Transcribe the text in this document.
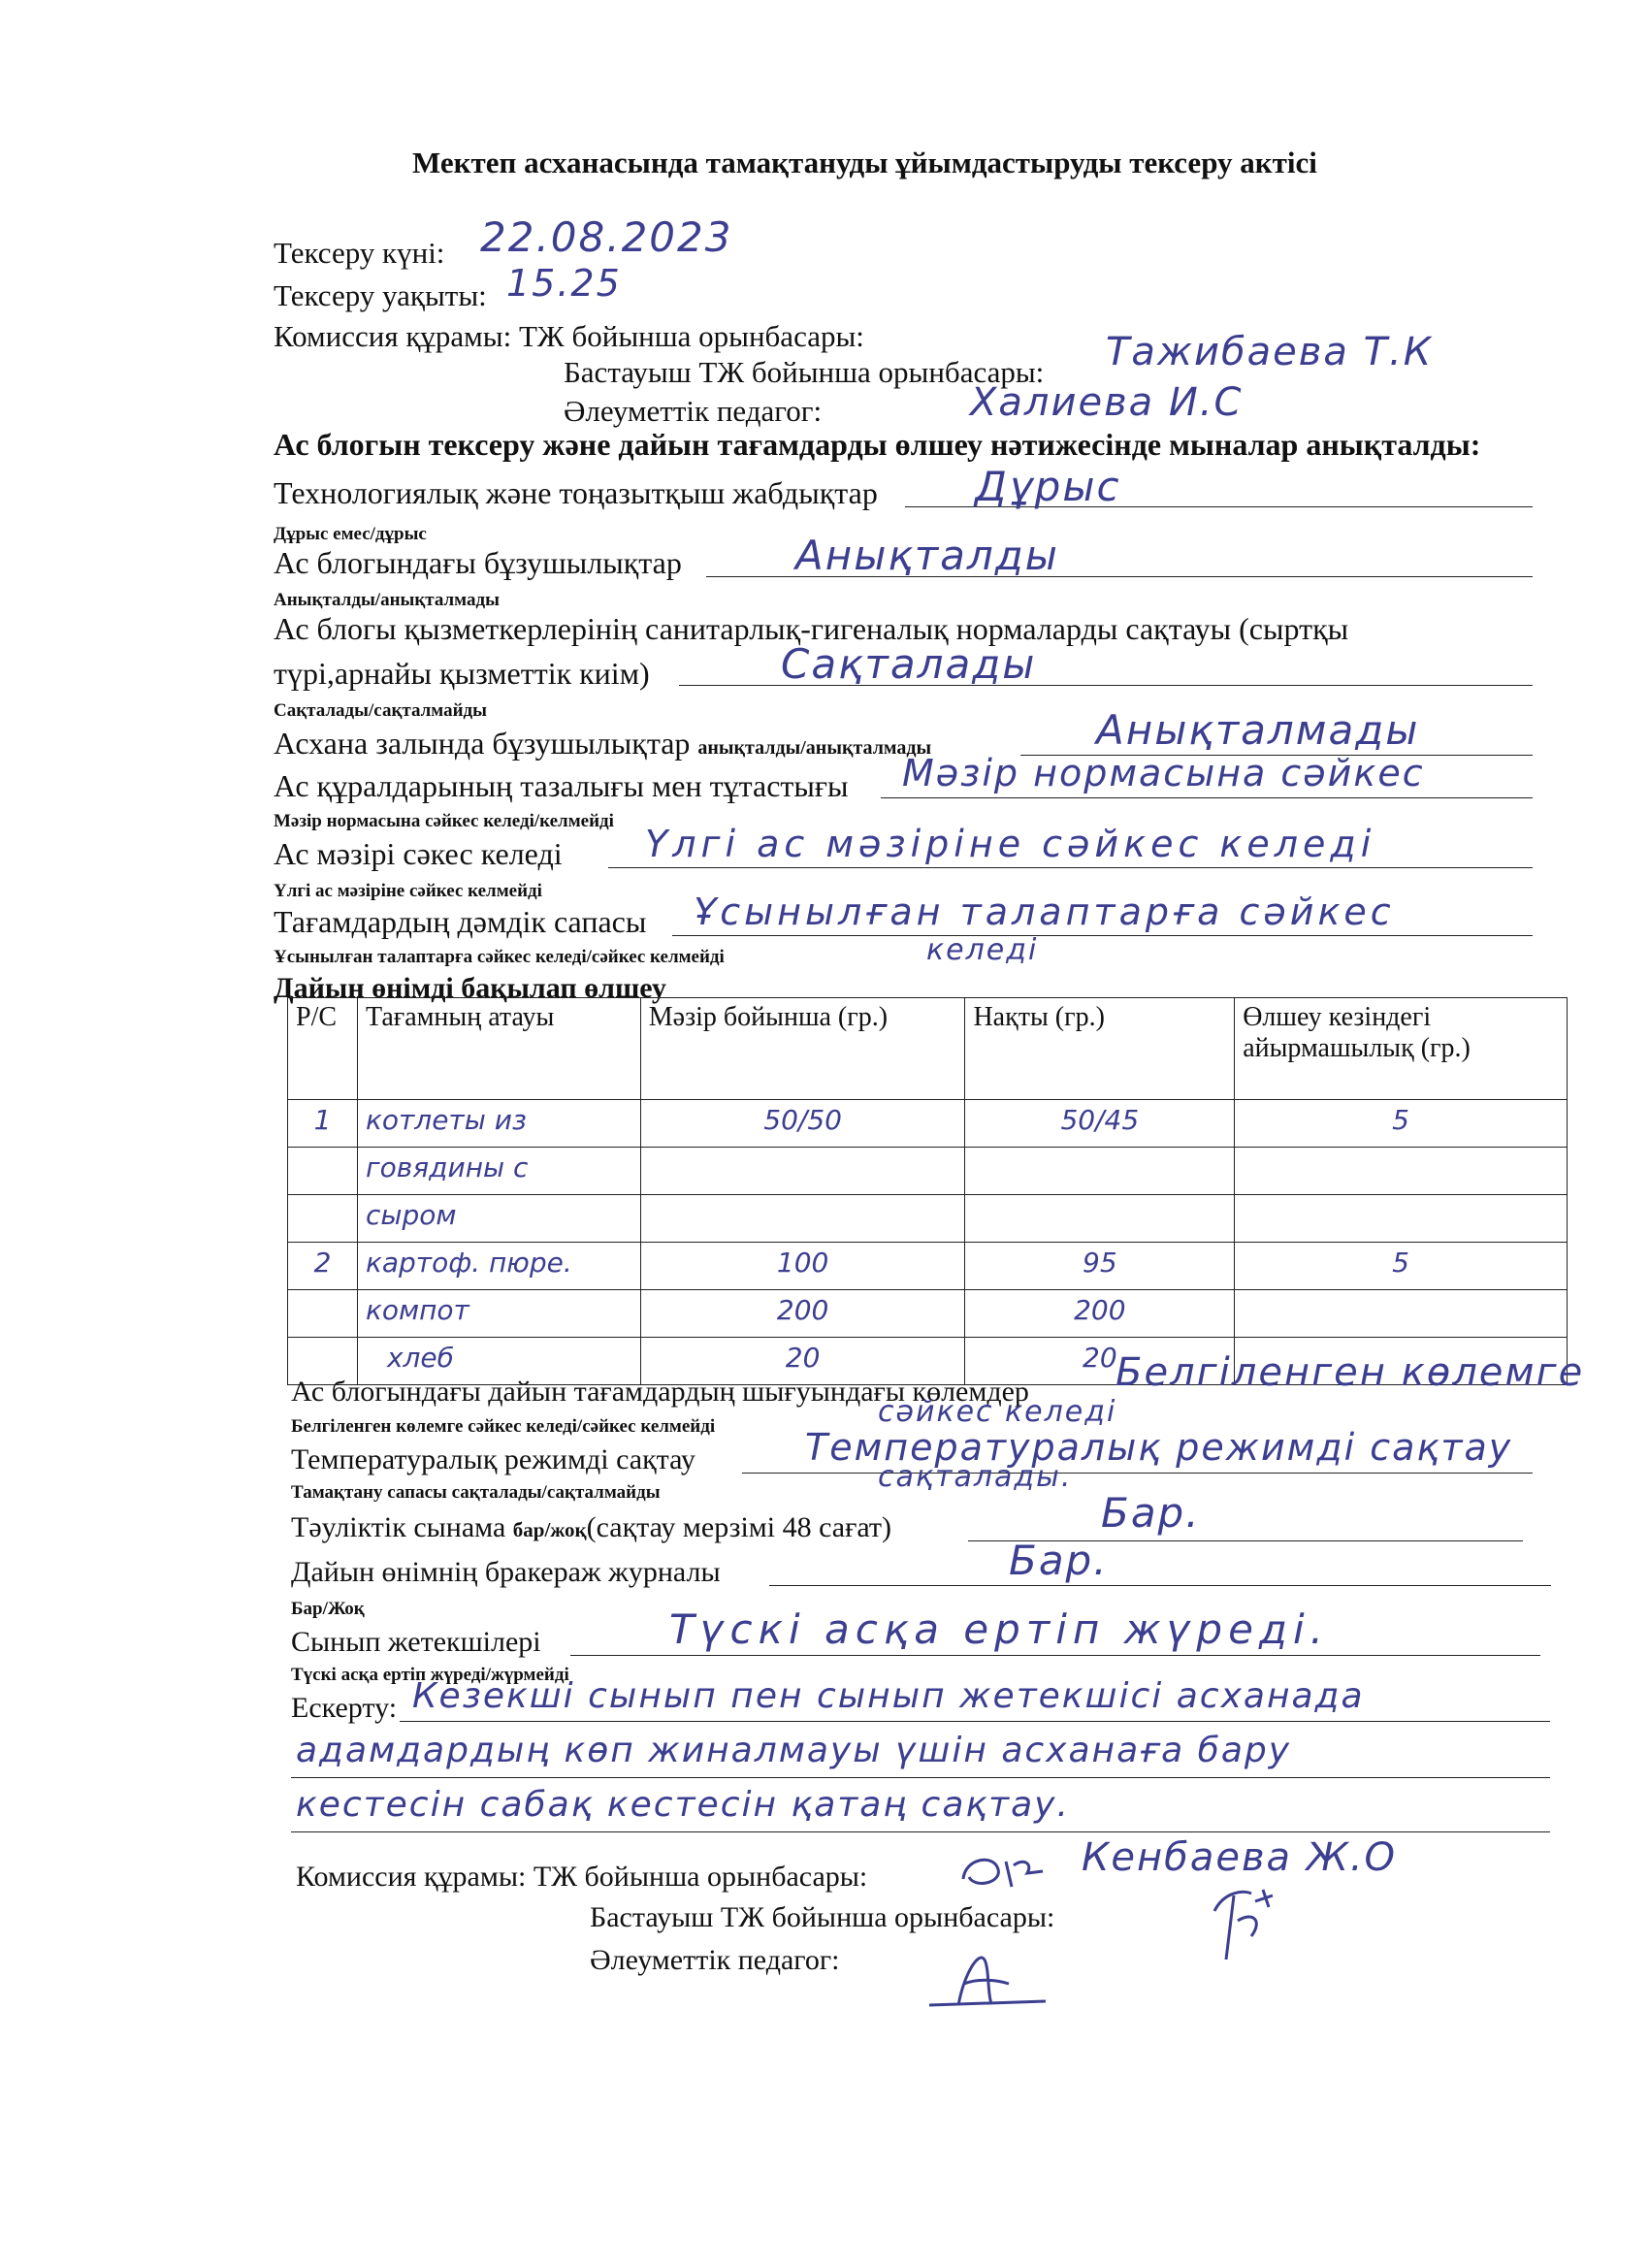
Мектеп асханасында тамақтануды ұйымдастыруды тексеру актісі
Тексеру күні: 22.08.2023
Тексеру уақыты: 15.25
Комиссия құрамы: ТЖ бойынша орынбасары:
Бастауыш ТЖ бойынша орынбасары: Тажибаева Т.К
Әлеуметтік педагог:	Халиева И.С
Ас блогын тексеру және дайын тағамдарды өлшеу нәтижесінде мыналар анықталды:
Технологиялық және тоңазытқыш жабдықтар Дұрыс
Дұрыс емес/дұрыс
Ас блогындағы бұзушылықтар	Анықталды
Анықталды/анықталмады
Ас блогы қызметкерлерінің санитарлық-гигеналық нормаларды сақтауы (сыртқы
түрі,арнайы қызметтік киім)	Сақталады
Сақталады/сақталмайды
Асхана залында бұзушылықтар анықталды/анықталмады	Анықталмады
Ас құралдарының тазалығы мен тұтастығы Мәзір нормасына сәйкес
Мәзір нормасына сәйкес келеді/келмейді
Ас мәзірі сәкес келеді Үлгі ас мәзіріне сәйкес келеді
Үлгі ас мәзіріне сәйкес келмейді
Тағамдардың дәмдік сапасы Ұсынылған талаптарға сәйкес
келеді
Ұсынылған талаптарға сәйкес келеді/сәйкес келмейді
Дайын өнімді бақылап өлшеу
Р/С	Тағамның атауы	Мәзір бойынша (гр.)	Нақты (гр.)	Өлшеу кезіндегі айырмашылық (гр.)
1	котлеты из	50/50	50/45	5
	говядины с			
	сыром			
2	картоф. пюре.	100	95	5
	компот	200	200	
	хлеб	20	20	
Ас блогындағы дайын тағамдардың шығуындағы көлемдер Белгіленген көлемге
сәйкес келеді
Белгіленген көлемге сәйкес келеді/сәйкес келмейді
Температуралық режимді сақтау	Температуралық режимді сақтау
сақталады.
Тамақтану сапасы сақталады/сақталмайды
Тәуліктік сынама бар/жоқ(сақтау мерзімі 48 сағат)	Бар.
Дайын өнімнің бракераж журналы	Бар.
Бар/Жоқ
Сынып жетекшілері	Түскі асқа ертіп жүреді.
Түскі асқа ертіп жүреді/жүрмейді
Ескерту: Кезекші сынып пен сынып жетекшісі асханада
адамдардың көп жиналмауы үшін асханаға бару
кестесін сабақ кестесін қатаң сақтау.
Комиссия құрамы: ТЖ бойынша орынбасары:	Кенбаева Ж.О
Бастауыш ТЖ бойынша орынбасары:
Әлеуметтік педагог:
